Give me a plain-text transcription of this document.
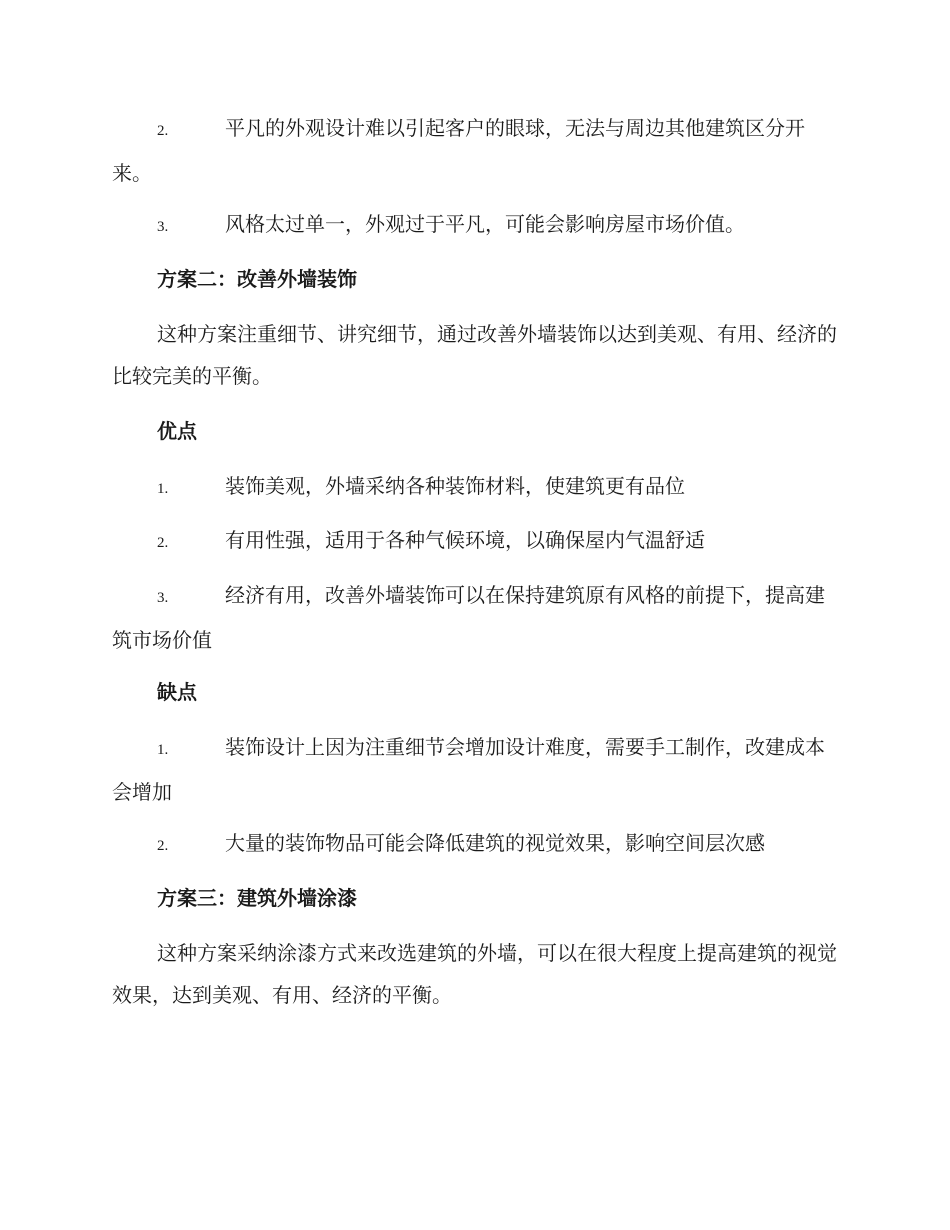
2.	平凡的外观设计难以引起客户的眼球，无法与周边其他建筑区分开来。

3.	风格太过单一，外观过于平凡，可能会影响房屋市场价值。

方案二：改善外墙装饰

这种方案注重细节、讲究细节，通过改善外墙装饰以达到美观、有用、经济的比较完美的平衡。

优点

1.	装饰美观，外墙采纳各种装饰材料，使建筑更有品位

2.	有用性强，适用于各种气候环境，以确保屋内气温舒适

3.	经济有用，改善外墙装饰可以在保持建筑原有风格的前提下，提高建筑市场价值

缺点

1.	装饰设计上因为注重细节会增加设计难度，需要手工制作，改建成本会增加

2.	大量的装饰物品可能会降低建筑的视觉效果，影响空间层次感

方案三：建筑外墙涂漆

这种方案采纳涂漆方式来改选建筑的外墙，可以在很大程度上提高建筑的视觉效果，达到美观、有用、经济的平衡。
